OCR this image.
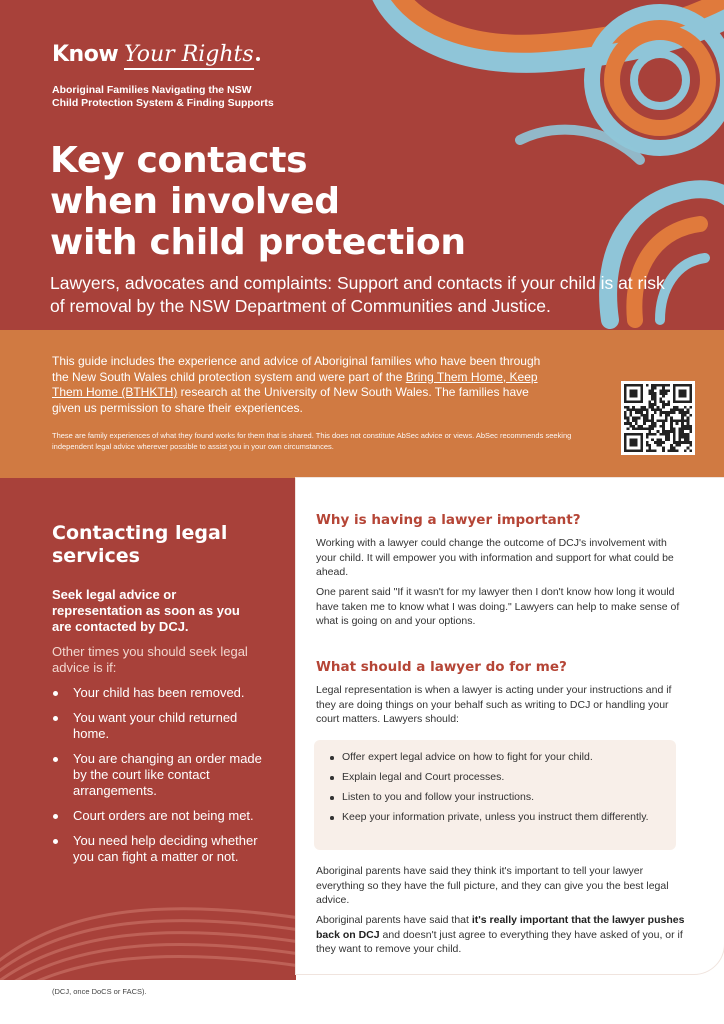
Know Your Rights
Aboriginal Families Navigating the NSW
Child Protection System & Finding Supports
Key contacts
when involved
with child protection

Lawyers, advocates and complaints: Support and contacts if your child is at risk of removal by the NSW Department of Communities and Justice.

This guide includes the experience and advice of Aboriginal families who have been through the New South Wales child protection system and were part of the Bring Them Home, Keep Them Home (BTHKTH) research at the University of New South Wales. The families have given us permission to share their experiences.

These are family experiences of what they found works for them that is shared. This does not constitute AbSec advice or views. AbSec recommends seeking independent legal advice wherever possible to assist you in your own circumstances.

Contacting legal services

Seek legal advice or representation as soon as you are contacted by DCJ.

Other times you should seek legal advice is if:

Your child has been removed.
You want your child returned home.
You are changing an order made by the court like contact arrangements.
Court orders are not being met.
You need help deciding whether you can fight a matter or not.
Why is having a lawyer important?

Working with a lawyer could change the outcome of DCJ's involvement with your child. It will empower you with information and support for what could be ahead.

One parent said "If it wasn't for my lawyer then I don't know how long it would have taken me to know what I was doing." Lawyers can help to make sense of what is going on and your options.

What should a lawyer do for me?

Legal representation is when a lawyer is acting under your instructions and if they are doing things on your behalf such as writing to DCJ or handling your court matters. Lawyers should:

Offer expert legal advice on how to fight for your child.
Explain legal and Court processes.
Listen to you and follow your instructions.
Keep your information private, unless you instruct them differently.

Aboriginal parents have said they think it's important to tell your lawyer everything so they have the full picture, and they can give you the best legal advice.

Aboriginal parents have said that it's really important that the lawyer pushes back on DCJ and doesn't just agree to everything they have asked of you, or if they want to remove your child.

(DCJ, once DoCS or FACS).
